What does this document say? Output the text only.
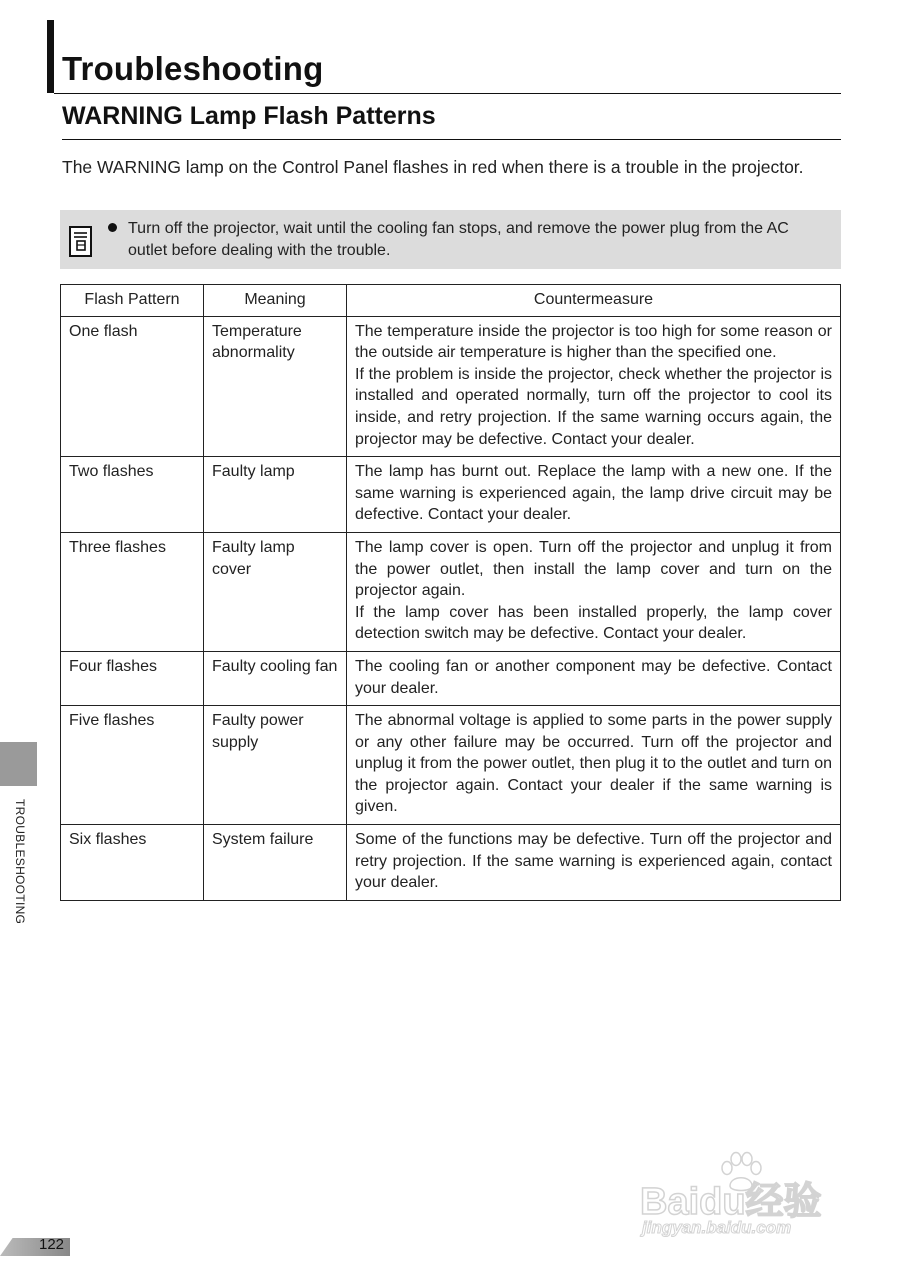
Troubleshooting
WARNING Lamp Flash Patterns

The WARNING lamp on the Control Panel flashes in red when there is a trouble in the projector.

Turn off the projector, wait until the cooling fan stops, and remove the power plug from the AC outlet before dealing with the trouble.

Flash Pattern	Meaning	Countermeasure
One flash	Temperature abnormality	The temperature inside the projector is too high for some reason or the outside air temperature is higher than the specified one.
If the problem is inside the projector, check whether the projector is installed and operated normally, turn off the projector to cool its inside, and retry projection. If the same warning occurs again, the projector may be defective. Contact your dealer.

Two flashes	Faulty lamp	The lamp has burnt out. Replace the lamp with a new one. If the same warning is experienced again, the lamp drive circuit may be defective. Contact your dealer.

Three flashes	Faulty lamp cover	The lamp cover is open. Turn off the projector and unplug it from the power outlet, then install the lamp cover and turn on the projector again.
If the lamp cover has been installed properly, the lamp cover detection switch may be defective. Contact your dealer.

Four flashes	Faulty cooling fan	The cooling fan or another component may be defective. Contact your dealer.

Five flashes	Faulty power supply	The abnormal voltage is applied to some parts in the power supply or any other failure may be occurred. Turn off the projector and unplug it from the power outlet, then plug it to the outlet and turn on the projector again. Contact your dealer if the same warning is given.

Six flashes	System failure	Some of the functions may be defective. Turn off the projector and retry projection. If the same warning is experienced again, contact your dealer.
TROUBLESHOOTING
122
Baidu经验
jingyan.baidu.com
